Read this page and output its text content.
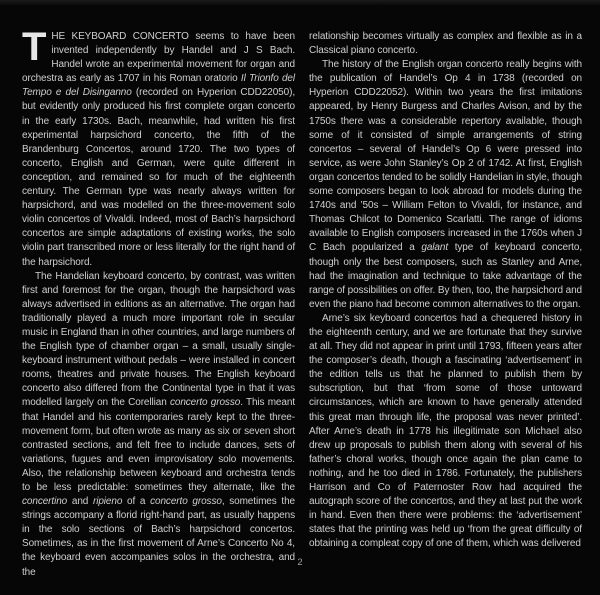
THE KEYBOARD CONCERTO seems to have been invented independently by Handel and J S Bach. Handel wrote an experimental movement for organ and orchestra as early as 1707 in his Roman oratorio Il Trionfo del Tempo e del Disinganno (recorded on Hyperion CDD22050), but evidently only produced his first complete organ concerto in the early 1730s. Bach, meanwhile, had written his first experimental harpsichord concerto, the fifth of the Brandenburg Concertos, around 1720. The two types of concerto, English and German, were quite different in conception, and remained so for much of the eighteenth century. The German type was nearly always written for harpsichord, and was modelled on the three-movement solo violin concertos of Vivaldi. Indeed, most of Bach’s harpsichord concertos are simple adaptations of existing works, the solo violin part transcribed more or less literally for the right hand of the harpsichord.

The Handelian keyboard concerto, by contrast, was written first and foremost for the organ, though the harpsichord was always advertised in editions as an alternative. The organ had traditionally played a much more important role in secular music in England than in other countries, and large numbers of the English type of chamber organ – a small, usually single-keyboard instrument without pedals – were installed in concert rooms, theatres and private houses. The English keyboard concerto also differed from the Continental type in that it was modelled largely on the Corellian concerto grosso. This meant that Handel and his contemporaries rarely kept to the three-movement form, but often wrote as many as six or seven short contrasted sections, and felt free to include dances, sets of variations, fugues and even improvisatory solo movements. Also, the relationship between keyboard and orchestra tends to be less predictable: sometimes they alternate, like the concertino and ripieno of a concerto grosso, sometimes the strings accompany a florid right-hand part, as usually happens in the solo sections of Bach’s harpsichord concertos. Sometimes, as in the first movement of Arne’s Concerto No 4, the keyboard even accompanies solos in the orchestra, and the

relationship becomes virtually as complex and flexible as in a Classical piano concerto.

The history of the English organ concerto really begins with the publication of Handel’s Op 4 in 1738 (recorded on Hyperion CDD22052). Within two years the first imitations appeared, by Henry Burgess and Charles Avison, and by the 1750s there was a considerable repertory available, though some of it consisted of simple arrangements of string concertos – several of Handel’s Op 6 were pressed into service, as were John Stanley’s Op 2 of 1742. At first, English organ concertos tended to be solidly Handelian in style, though some composers began to look abroad for models during the 1740s and ’50s – William Felton to Vivaldi, for instance, and Thomas Chilcot to Domenico Scarlatti. The range of idioms available to English composers increased in the 1760s when J C Bach popularized a galant type of keyboard concerto, though only the best composers, such as Stanley and Arne, had the imagination and technique to take advantage of the range of possibilities on offer. By then, too, the harpsichord and even the piano had become common alternatives to the organ.

Arne’s six keyboard concertos had a chequered history in the eighteenth century, and we are fortunate that they survive at all. They did not appear in print until 1793, fifteen years after the composer’s death, though a fascinating ‘advertisement’ in the edition tells us that he planned to publish them by subscription, but that ‘from some of those untoward circumstances, which are known to have generally attended this great man through life, the proposal was never printed’. After Arne’s death in 1778 his illegitimate son Michael also drew up proposals to publish them along with several of his father’s choral works, though once again the plan came to nothing, and he too died in 1786. Fortunately, the publishers Harrison and Co of Paternoster Row had acquired the autograph score of the concertos, and they at last put the work in hand. Even then there were problems: the ‘advertisement’ states that the printing was held up ‘from the great difficulty of obtaining a compleat copy of one of them, which was delivered

2
